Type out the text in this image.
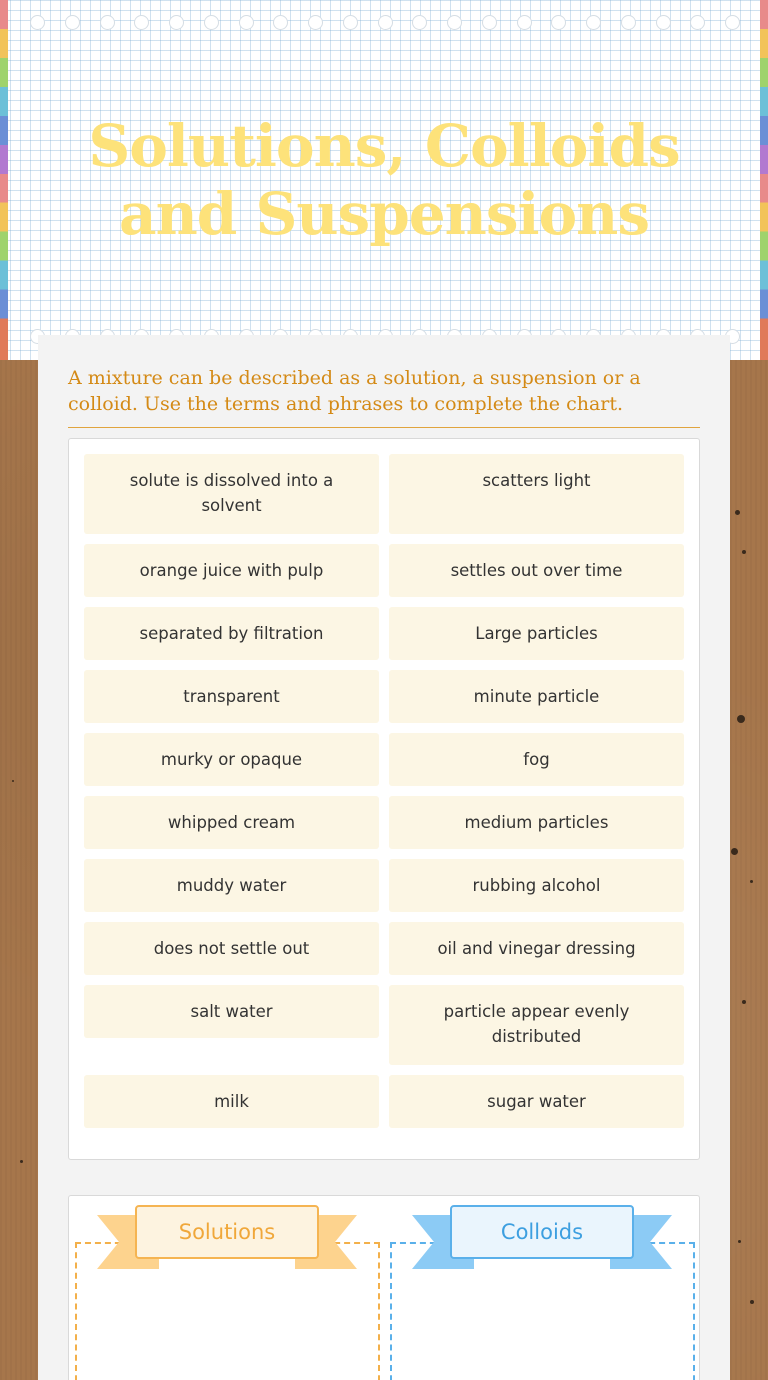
Solutions, Colloids and Suspensions

A mixture can be described as a solution, a suspension or a colloid. Use the terms and phrases to complete the chart.

solute is dissolved into a solvent
scatters light
orange juice with pulp	settles out over time
separated by filtration	Large particles
transparent	minute particle
murky or opaque	fog
whipped cream	medium particles
muddy water	rubbing alcohol
does not settle out	oil and vinegar dressing
salt water	particle appear evenly distributed
milk	sugar water
Solutions	Colloids
